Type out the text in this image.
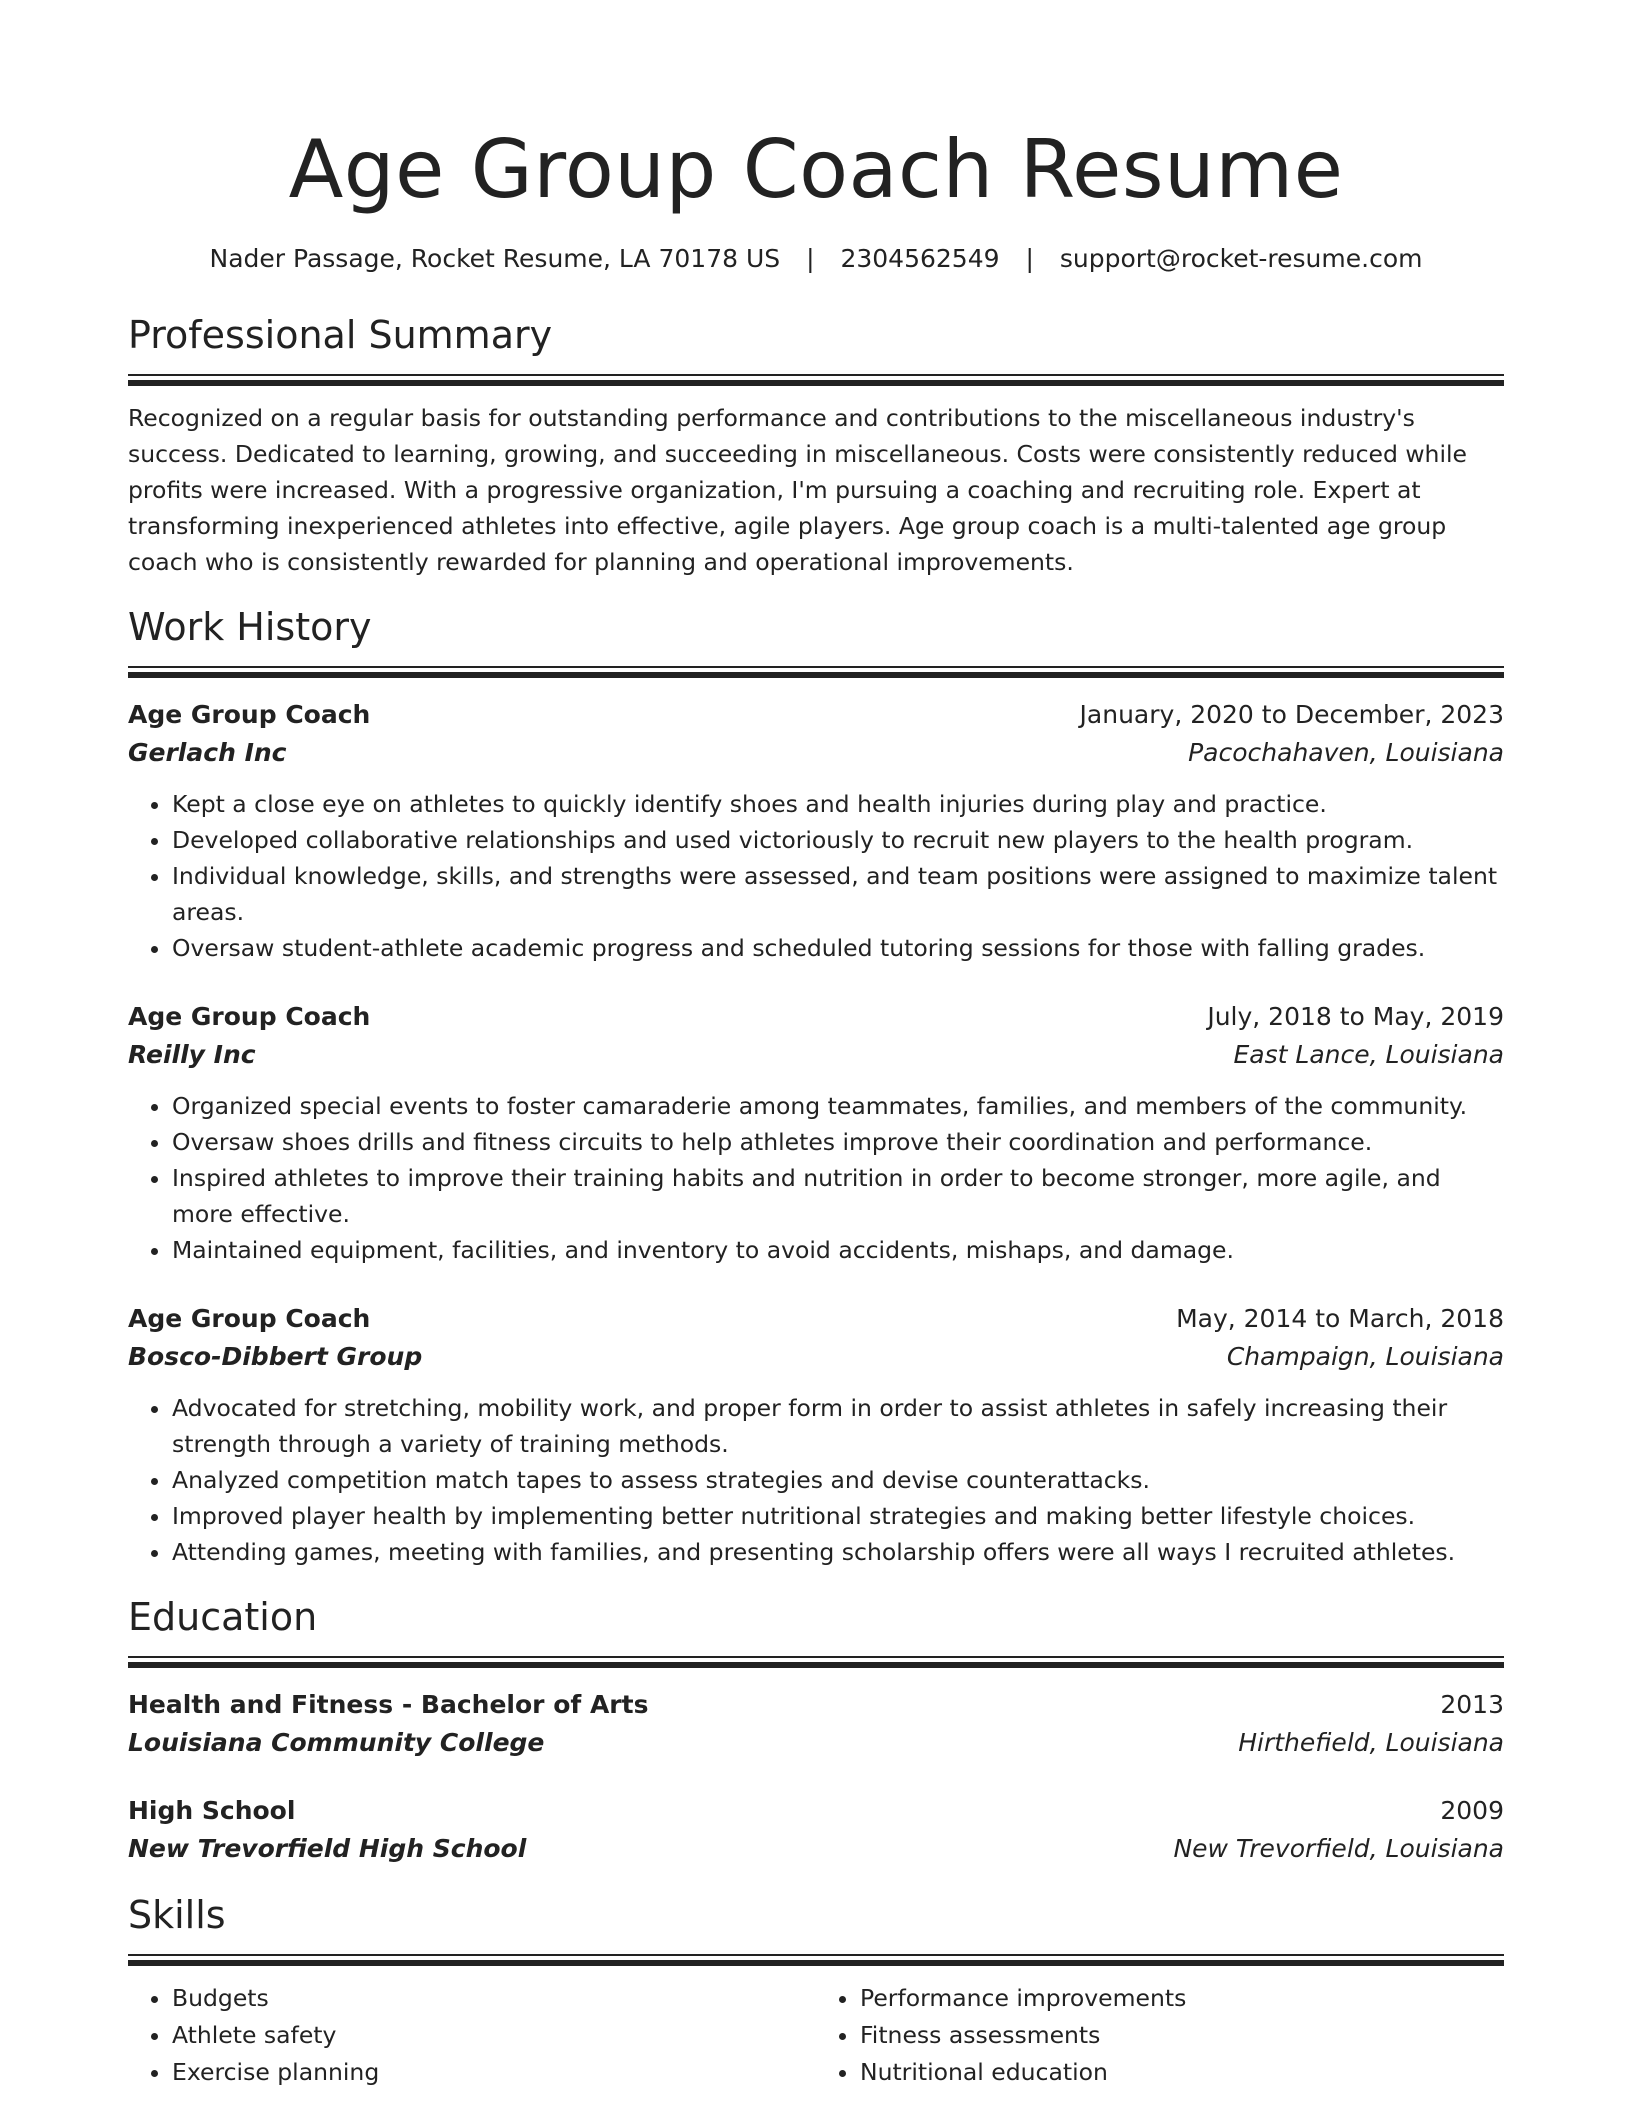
Age Group Coach Resume
Nader Passage, Rocket Resume, LA 70178 US | 2304562549 | support@rocket-resume.com
Professional Summary
Recognized on a regular basis for outstanding performance and contributions to the miscellaneous industry's success. Dedicated to learning, growing, and succeeding in miscellaneous. Costs were consistently reduced while profits were increased. With a progressive organization, I'm pursuing a coaching and recruiting role. Expert at transforming inexperienced athletes into effective, agile players. Age group coach is a multi-talented age group coach who is consistently rewarded for planning and operational improvements.
Work History
Age Group Coach	January, 2020 to December, 2023
Gerlach Inc	Pacochahaven, Louisiana
• Kept a close eye on athletes to quickly identify shoes and health injuries during play and practice.
• Developed collaborative relationships and used victoriously to recruit new players to the health program.
• Individual knowledge, skills, and strengths were assessed, and team positions were assigned to maximize talent areas.
• Oversaw student-athlete academic progress and scheduled tutoring sessions for those with falling grades.
Age Group Coach	July, 2018 to May, 2019
Reilly Inc	East Lance, Louisiana
• Organized special events to foster camaraderie among teammates, families, and members of the community.
• Oversaw shoes drills and fitness circuits to help athletes improve their coordination and performance.
• Inspired athletes to improve their training habits and nutrition in order to become stronger, more agile, and more effective.
• Maintained equipment, facilities, and inventory to avoid accidents, mishaps, and damage.
Age Group Coach	May, 2014 to March, 2018
Bosco-Dibbert Group	Champaign, Louisiana
• Advocated for stretching, mobility work, and proper form in order to assist athletes in safely increasing their strength through a variety of training methods.
• Analyzed competition match tapes to assess strategies and devise counterattacks.
• Improved player health by implementing better nutritional strategies and making better lifestyle choices.
• Attending games, meeting with families, and presenting scholarship offers were all ways I recruited athletes.
Education
Health and Fitness - Bachelor of Arts	2013
Louisiana Community College	Hirthefield, Louisiana
High School	2009
New Trevorfield High School	New Trevorfield, Louisiana
Skills
• Budgets
• Athlete safety
• Exercise planning
• Performance improvements
• Fitness assessments
• Nutritional education
